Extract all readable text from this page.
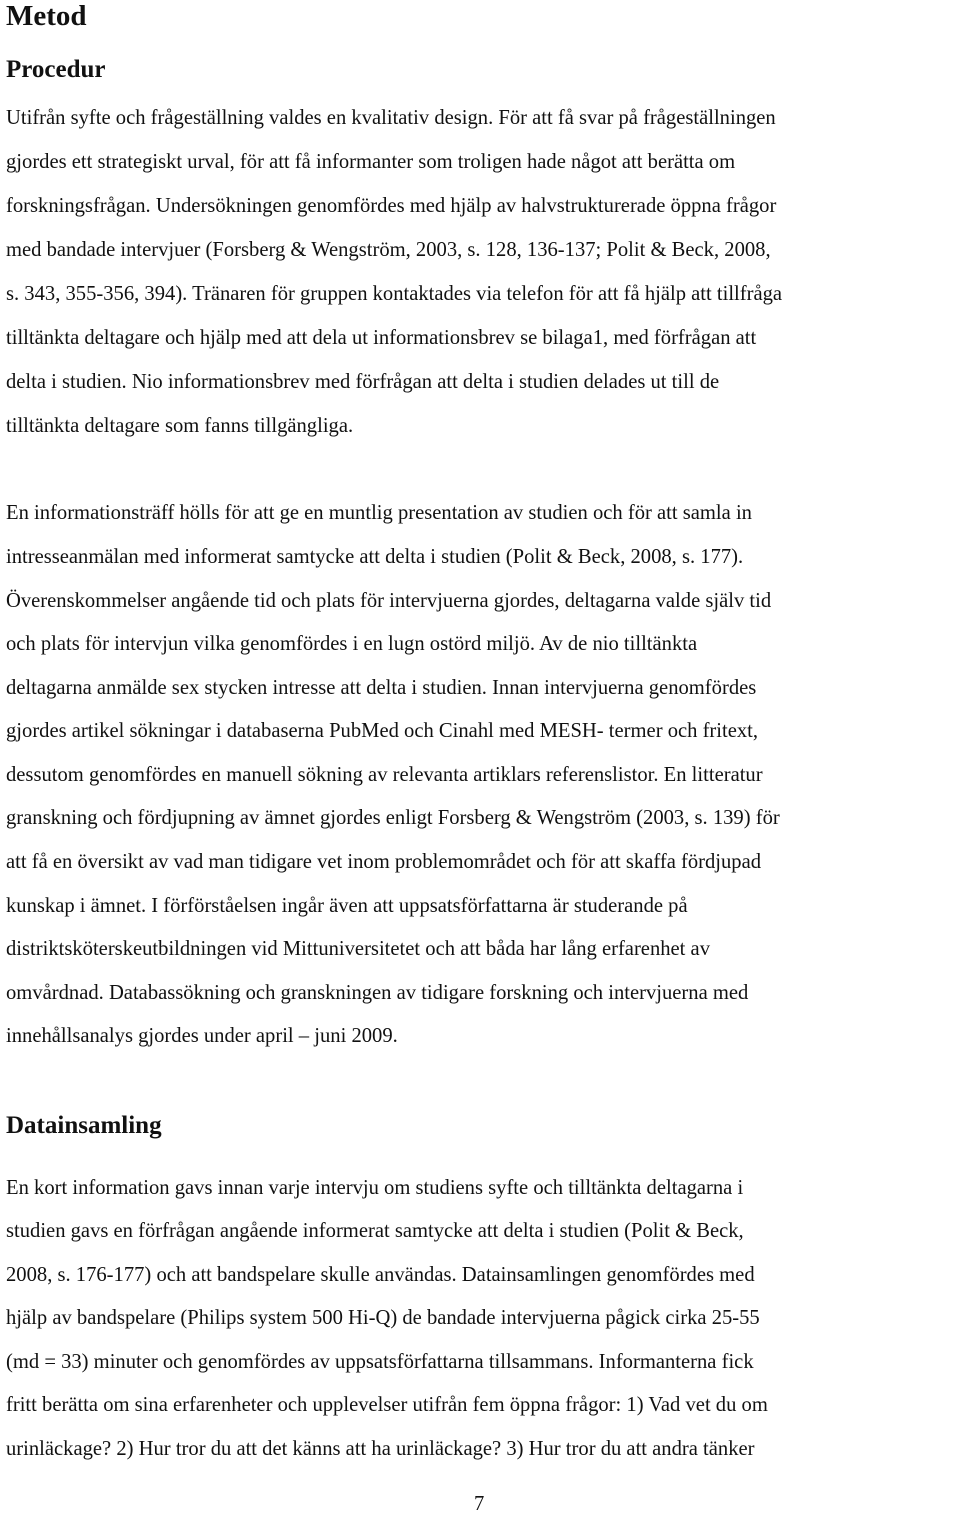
Metod
Procedur

Utifrån syfte och frågeställning valdes en kvalitativ design. För att få svar på frågeställningen

gjordes ett strategiskt urval, för att få informanter som troligen hade något att berätta om

forskningsfrågan. Undersökningen genomfördes med hjälp av halvstrukturerade öppna frågor

med bandade intervjuer (Forsberg & Wengström, 2003, s. 128, 136-137; Polit & Beck, 2008,

s. 343, 355-356, 394). Tränaren för gruppen kontaktades via telefon för att få hjälp att tillfråga

tilltänkta deltagare och hjälp med att dela ut informationsbrev se bilaga1, med förfrågan att

delta i studien. Nio informationsbrev med förfrågan att delta i studien delades ut till de

tilltänkta deltagare som fanns tillgängliga.

En informationsträff hölls för att ge en muntlig presentation av studien och för att samla in

intresseanmälan med informerat samtycke att delta i studien (Polit & Beck, 2008, s. 177).

Överenskommelser angående tid och plats för intervjuerna gjordes, deltagarna valde själv tid

och plats för intervjun vilka genomfördes i en lugn ostörd miljö. Av de nio tilltänkta

deltagarna anmälde sex stycken intresse att delta i studien. Innan intervjuerna genomfördes

gjordes artikel sökningar i databaserna PubMed och Cinahl med MESH- termer och fritext,

dessutom genomfördes en manuell sökning av relevanta artiklars referenslistor. En litteratur

granskning och fördjupning av ämnet gjordes enligt Forsberg & Wengström (2003, s. 139) för

att få en översikt av vad man tidigare vet inom problemområdet och för att skaffa fördjupad

kunskap i ämnet. I förförståelsen ingår även att uppsatsförfattarna är studerande på

distriktsköterskeutbildningen vid Mittuniversitetet och att båda har lång erfarenhet av

omvårdnad. Databassökning och granskningen av tidigare forskning och intervjuerna med

innehållsanalys gjordes under april – juni 2009.

Datainsamling

En kort information gavs innan varje intervju om studiens syfte och tilltänkta deltagarna i

studien gavs en förfrågan angående informerat samtycke att delta i studien (Polit & Beck,

2008, s. 176-177) och att bandspelare skulle användas. Datainsamlingen genomfördes med

hjälp av bandspelare (Philips system 500 Hi-Q) de bandade intervjuerna pågick cirka 25-55

(md = 33) minuter och genomfördes av uppsatsförfattarna tillsammans. Informanterna fick

fritt berätta om sina erfarenheter och upplevelser utifrån fem öppna frågor: 1) Vad vet du om

urinläckage? 2) Hur tror du att det känns att ha urinläckage? 3) Hur tror du att andra tänker

7
